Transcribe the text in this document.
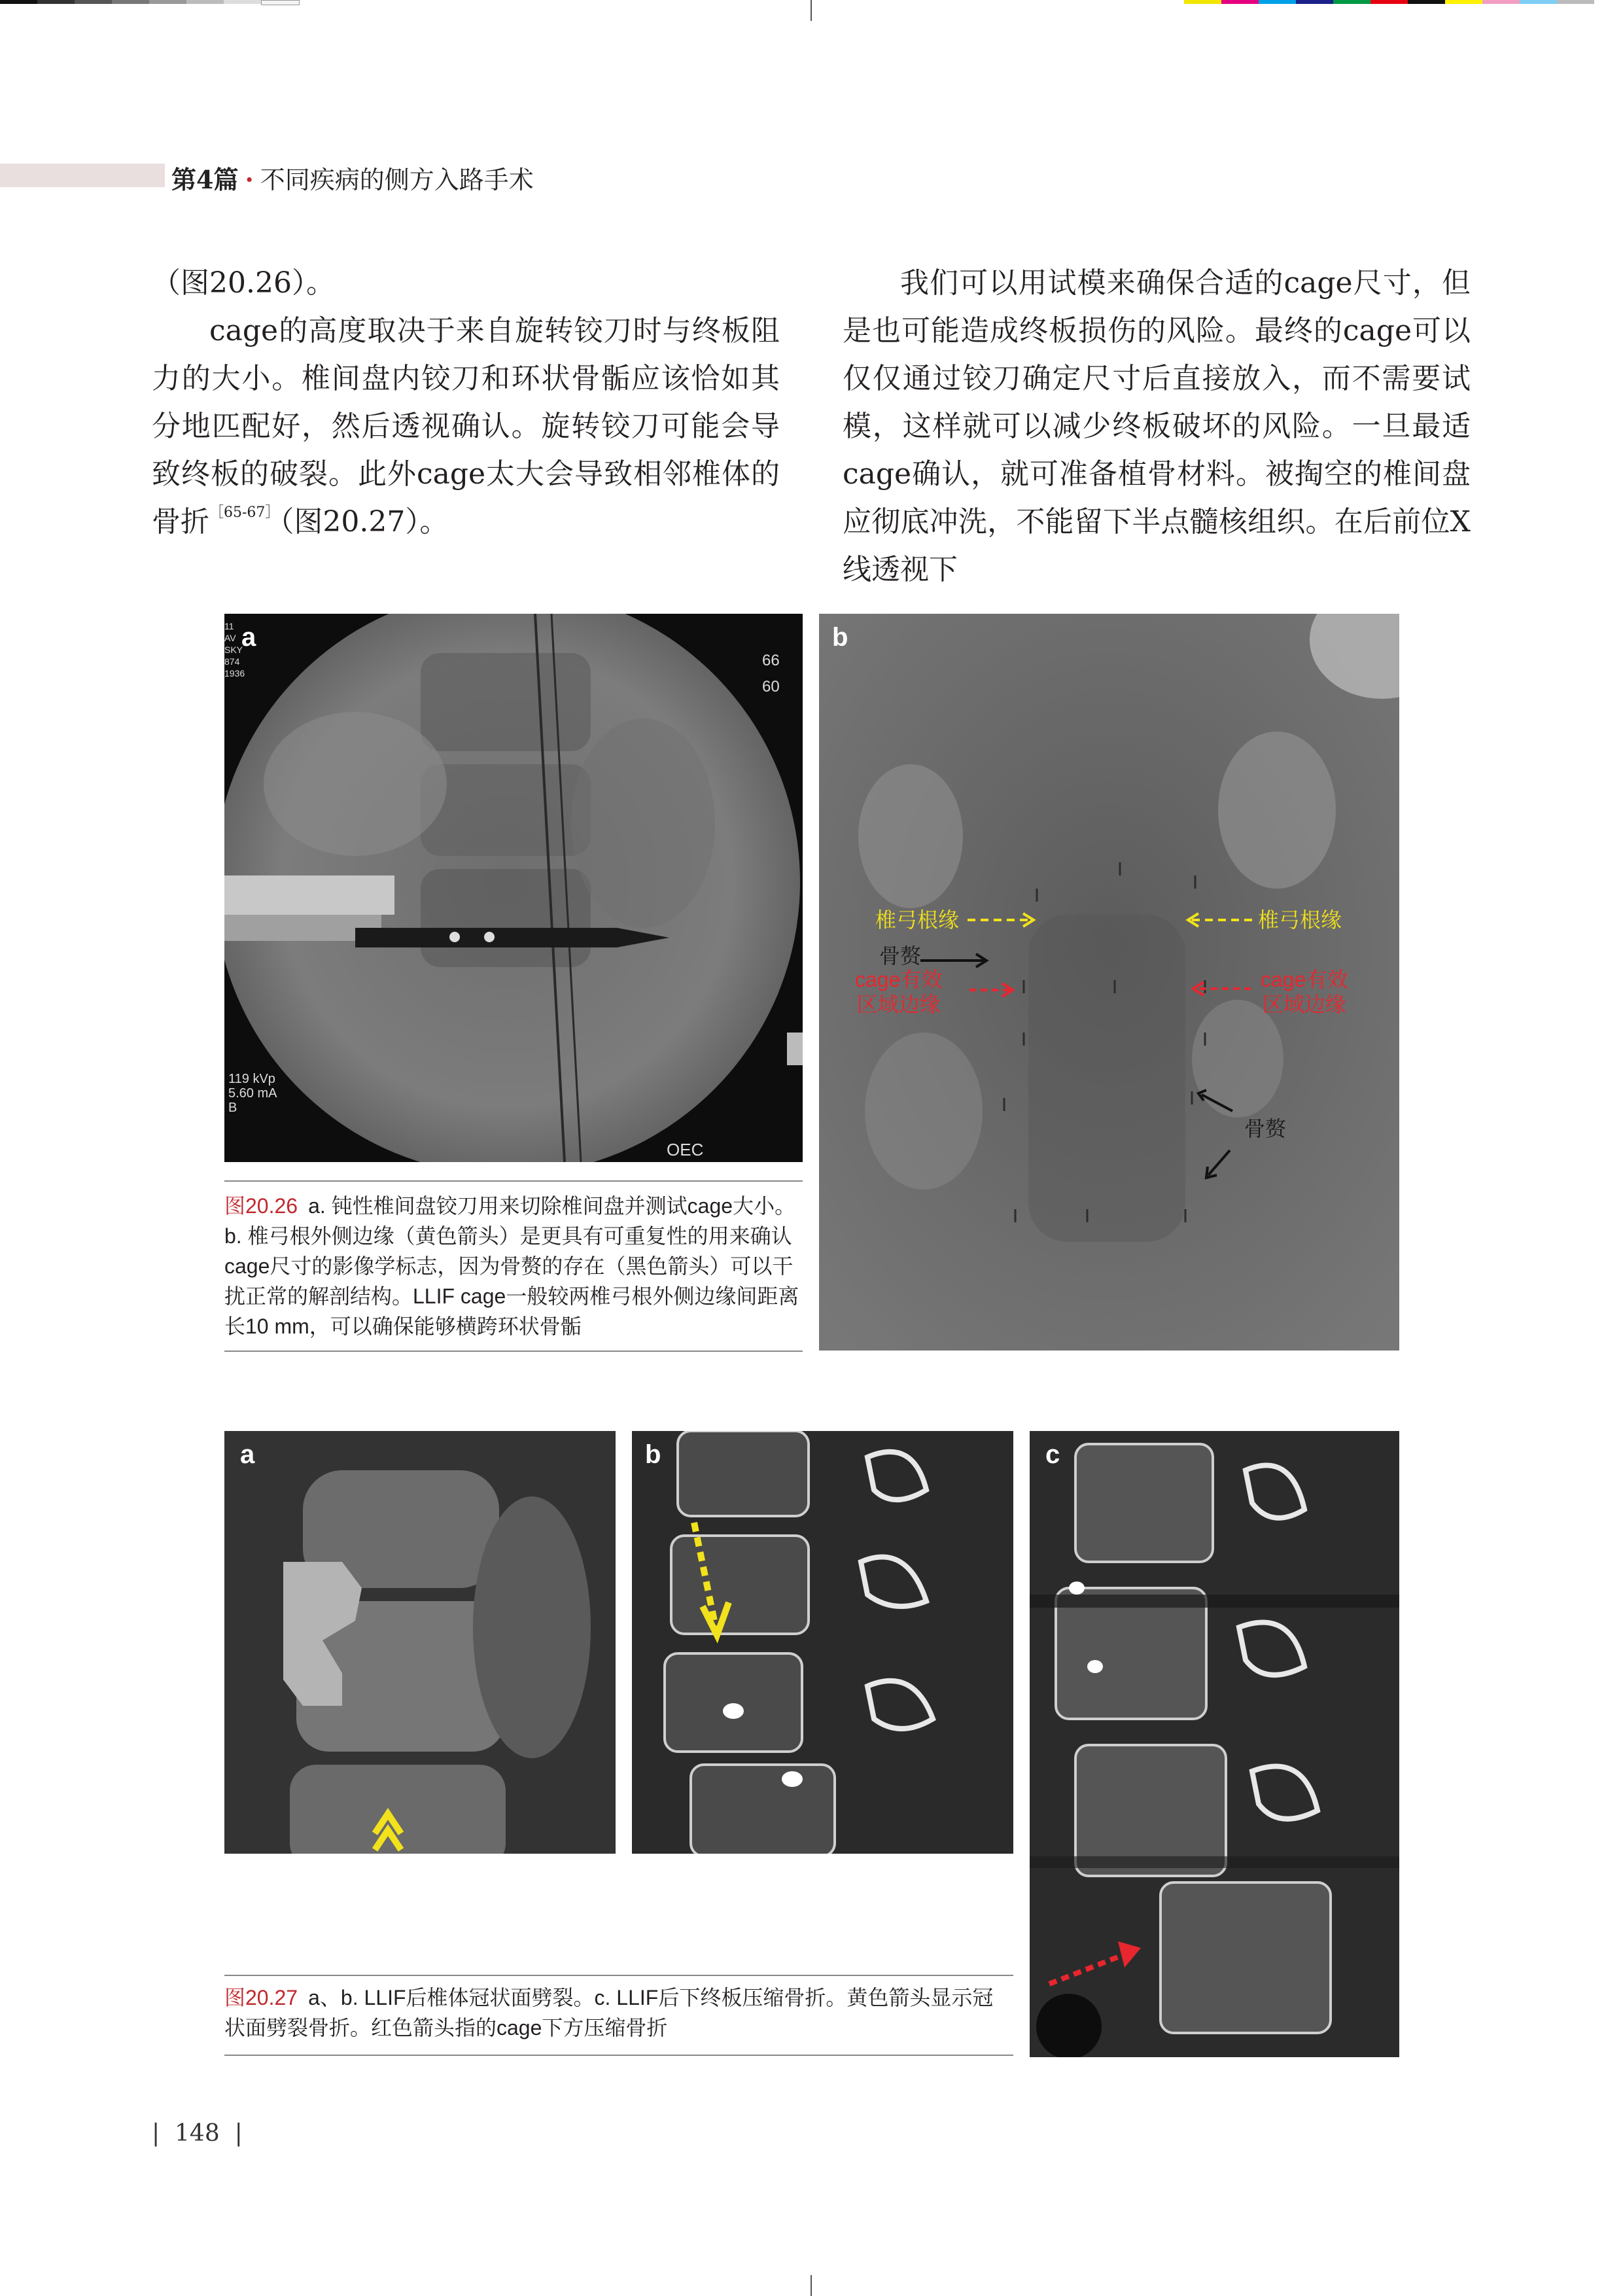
第4篇 · 不同疾病的侧方入路手术

（图20.26）。

cage的高度取决于来自旋转铰刀时与终板阻力的大小。椎间盘内铰刀和环状骨骺应该恰如其分地匹配好，然后透视确认。旋转铰刀可能会导致终板的破裂。此外cage太大会导致相邻椎体的骨折$^{[65-67]}$（图20.27）。

我们可以用试模来确保合适的cage尺寸，但是也可能造成终板损伤的风险。最终的cage可以仅仅通过铰刀确定尺寸后直接放入，而不需要试模，这样就可以减少终板破坏的风险。一旦最适cage确认，就可准备植骨材料。被掏空的椎间盘应彻底冲洗，不能留下半点髓核组织。在后前位X线透视下

a
11
AV
SKY
874
1936
66
60
119 kVp
5.60 mA
B
OEC
图20.26 a. 钝性椎间盘铰刀用来切除椎间盘并测试cage大小。 b. 椎弓根外侧边缘（黄色箭头）是更具有可重复性的用来确认cage尺寸的影像学标志，因为骨赘的存在（黑色箭头）可以干扰正常的解剖结构。LLIF cage一般较两椎弓根外侧边缘间距离长10 mm，可以确保能够横跨环状骨骺
b
椎弓根缘	椎弓根缘
骨赘
cage有效
区域边缘
cage有效
区域边缘
骨赘
a	b	c
图20.27 a、b. LLIF后椎体冠状面劈裂。c. LLIF后下终板压缩骨折。黄色箭头显示冠状面劈裂骨折。红色箭头指的cage下方压缩骨折
|  148  |
